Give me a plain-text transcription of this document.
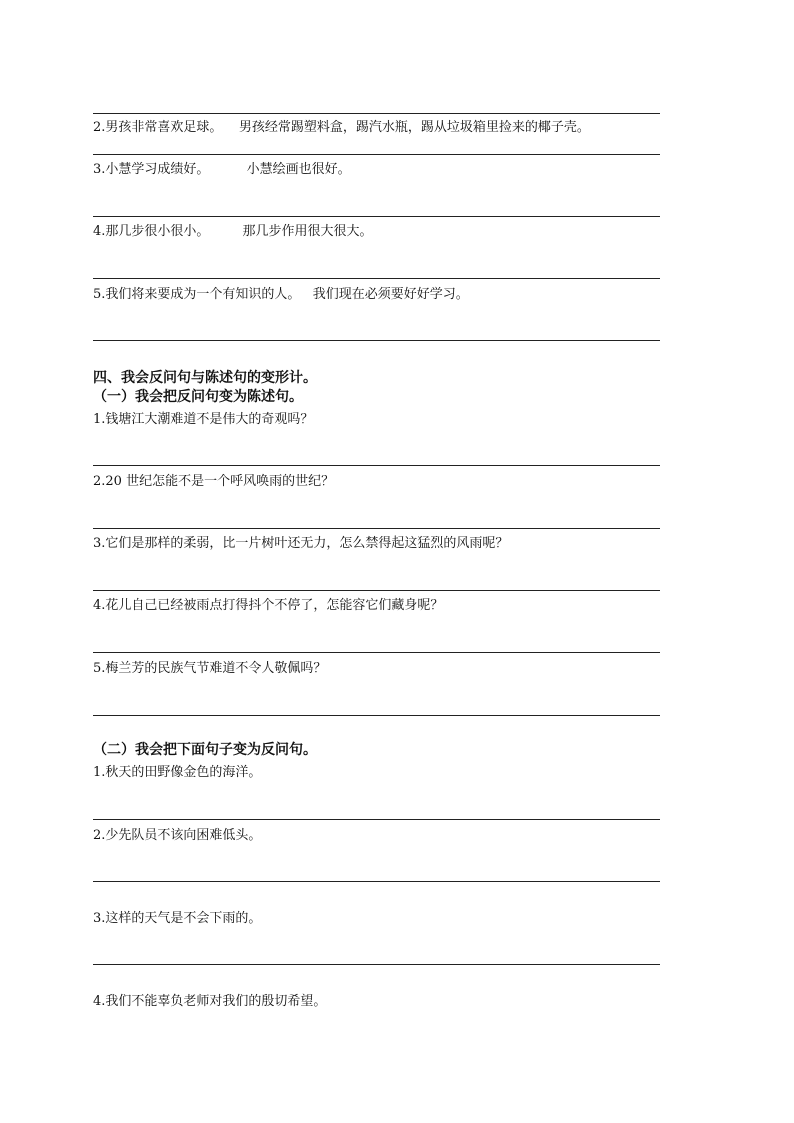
2.男孩非常喜欢足球。    男孩经常踢塑料盒，踢汽水瓶，踢从垃圾箱里捡来的椰子壳。
3.小慧学习成绩好。         小慧绘画也很好。
4.那几步很小很小。        那几步作用很大很大。
5.我们将来要成为一个有知识的人。   我们现在必须要好好学习。
四、我会反问句与陈述句的变形计。
（一）我会把反问句变为陈述句。
1.钱塘江大潮难道不是伟大的奇观吗？
2.20 世纪怎能不是一个呼风唤雨的世纪？
3.它们是那样的柔弱，比一片树叶还无力，怎么禁得起这猛烈的风雨呢？
4.花儿自己已经被雨点打得抖个不停了，怎能容它们藏身呢？
5.梅兰芳的民族气节难道不令人敬佩吗？
（二）我会把下面句子变为反问句。
1.秋天的田野像金色的海洋。
2.少先队员不该向困难低头。
3.这样的天气是不会下雨的。
4.我们不能辜负老师对我们的殷切希望。
